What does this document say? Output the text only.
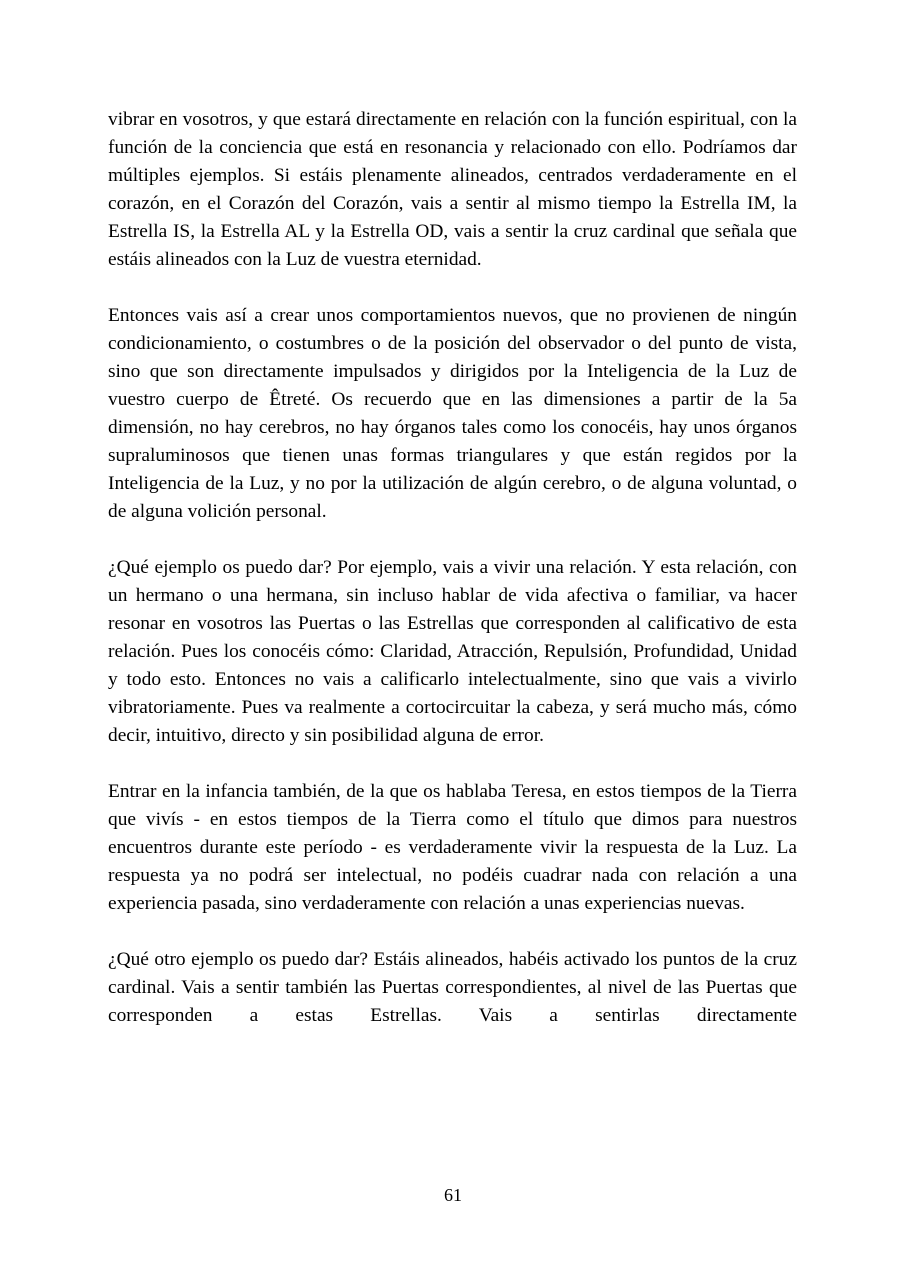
vibrar en vosotros, y que estará directamente en relación con la función espiritual, con la función de la conciencia que está en resonancia y relacionado con ello. Podríamos dar múltiples ejemplos. Si estáis plenamente alineados, centrados verdaderamente en el corazón, en el Corazón del Corazón, vais a sentir al mismo tiempo la Estrella IM, la Estrella IS, la Estrella AL y la Estrella OD, vais a sentir la cruz cardinal que señala que estáis alineados con la Luz de vuestra eternidad.

Entonces vais así a crear unos comportamientos nuevos, que no provienen de ningún condicionamiento, o costumbres o de la posición del observador o del punto de vista, sino que son directamente impulsados y dirigidos por la Inteligencia de la Luz de vuestro cuerpo de Êtreté. Os recuerdo que en las dimensiones a partir de la 5a dimensión, no hay cerebros, no hay órganos tales como los conocéis, hay unos órganos supraluminosos que tienen unas formas triangulares y que están regidos por la Inteligencia de la Luz, y no por la utilización de algún cerebro, o de alguna voluntad, o de alguna volición personal.

¿Qué ejemplo os puedo dar? Por ejemplo, vais a vivir una relación. Y esta relación, con un hermano o una hermana, sin incluso hablar de vida afectiva o familiar, va hacer resonar en vosotros las Puertas o las Estrellas que corresponden al calificativo de esta relación. Pues los conocéis cómo: Claridad, Atracción, Repulsión, Profundidad, Unidad y todo esto. Entonces no vais a calificarlo intelectualmente, sino que vais a vivirlo vibratoriamente. Pues va realmente a cortocircuitar la cabeza, y será mucho más, cómo decir, intuitivo, directo y sin posibilidad alguna de error.

Entrar en la infancia también, de la que os hablaba Teresa, en estos tiempos de la Tierra que vivís - en estos tiempos de la Tierra como el título que dimos para nuestros encuentros durante este período - es verdaderamente vivir la respuesta de la Luz. La respuesta ya no podrá ser intelectual, no podéis cuadrar nada con relación a una experiencia pasada, sino verdaderamente con relación a unas experiencias nuevas.

¿Qué otro ejemplo os puedo dar? Estáis alineados, habéis activado los puntos de la cruz cardinal. Vais a sentir también las Puertas correspondientes, al nivel de las Puertas que corresponden a estas Estrellas. Vais a sentirlas directamente

61
